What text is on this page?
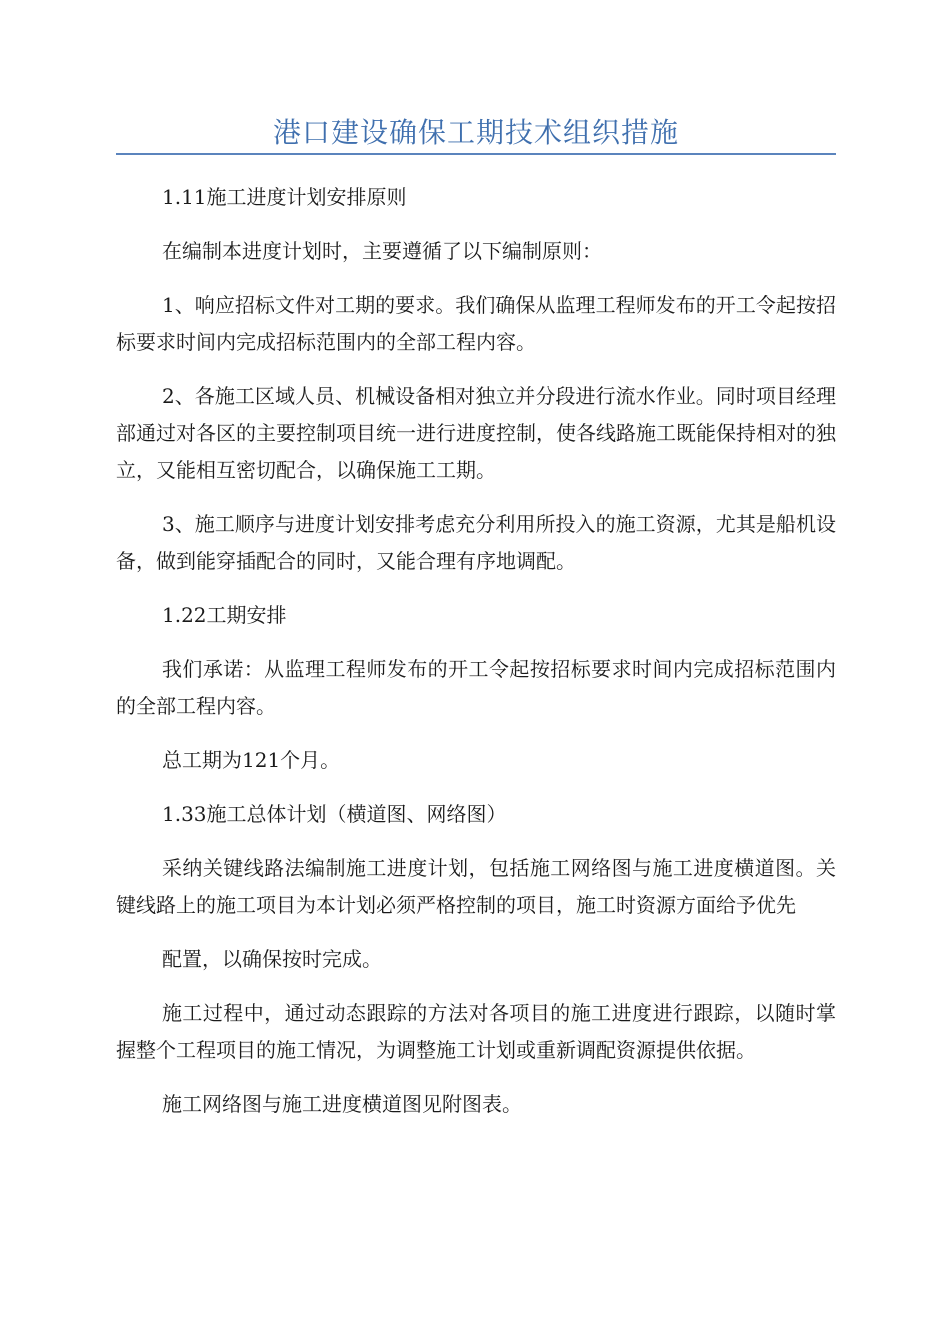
港口建设确保工期技术组织措施

1.11施工进度计划安排原则

在编制本进度计划时，主要遵循了以下编制原则：

1、响应招标文件对工期的要求。我们确保从监理工程师发布的开工令起按招标要求时间内完成招标范围内的全部工程内容。

2、各施工区域人员、机械设备相对独立并分段进行流水作业。同时项目经理部通过对各区的主要控制项目统一进行进度控制，使各线路施工既能保持相对的独立，又能相互密切配合，以确保施工工期。

3、施工顺序与进度计划安排考虑充分利用所投入的施工资源，尤其是船机设备，做到能穿插配合的同时，又能合理有序地调配。

1.22工期安排

我们承诺：从监理工程师发布的开工令起按招标要求时间内完成招标范围内的全部工程内容。

总工期为121个月。

1.33施工总体计划（横道图、网络图）

采纳关键线路法编制施工进度计划，包括施工网络图与施工进度横道图。关键线路上的施工项目为本计划必须严格控制的项目，施工时资源方面给予优先

配置，以确保按时完成。

施工过程中，通过动态跟踪的方法对各项目的施工进度进行跟踪，以随时掌握整个工程项目的施工情况，为调整施工计划或重新调配资源提供依据。

施工网络图与施工进度横道图见附图表。
